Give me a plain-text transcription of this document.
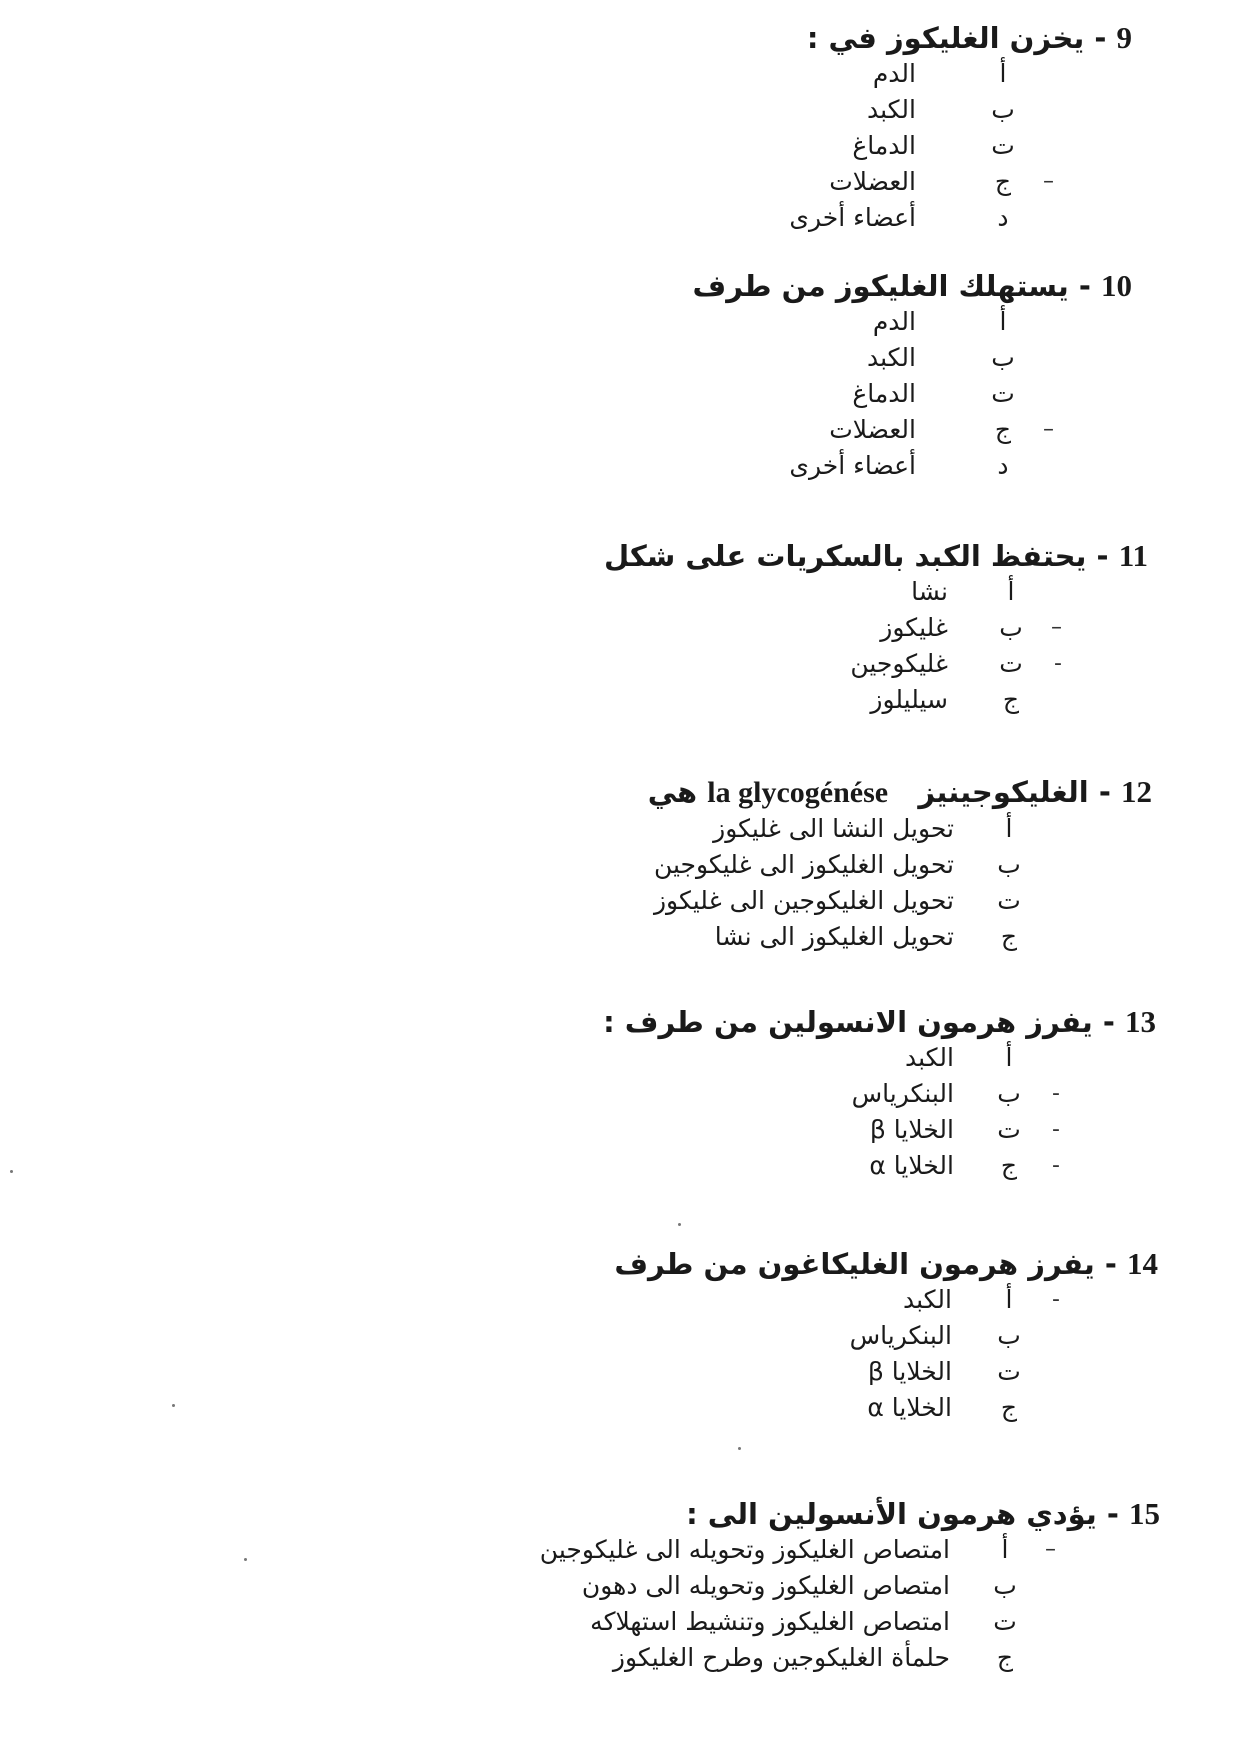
9 - يخزن الغليكوز في :
أ
الدم
ب
الكبد
ت
الدماغ
–
ج
العضلات
د
أعضاء أخرى
10 - يستهلك الغليكوز من طرف
أ
الدم
ب
الكبد
ت
الدماغ
–
ج
العضلات
د
أعضاء أخرى
11 - يحتفظ الكبد بالسكريات على شكل
أ
نشا
–
ب
غليكوز
-
ت
غليكوجين
ج
سيليلوز
12 - الغليكوجينيز   la glycogénése هي
أ
تحويل النشا الى غليكوز
ب
تحويل الغليكوز الى غليكوجين
ت
تحويل الغليكوجين الى غليكوز
ج
تحويل الغليكوز الى نشا
13 - يفرز هرمون الانسولين من طرف :
أ
الكبد
-
ب
البنكرياس
-
ت
الخلايا β
-
ج
الخلايا α
14 - يفرز هرمون الغليكاغون من طرف
-
أ
الكبد
ب
البنكرياس
ت
الخلايا β
ج
الخلايا α
15 - يؤدي هرمون الأنسولين الى :
–
أ
امتصاص الغليكوز وتحويله الى غليكوجين
ب
امتصاص الغليكوز وتحويله الى دهون
ت
امتصاص الغليكوز وتنشيط استهلاكه
ج
حلمأة الغليكوجين وطرح الغليكوز
